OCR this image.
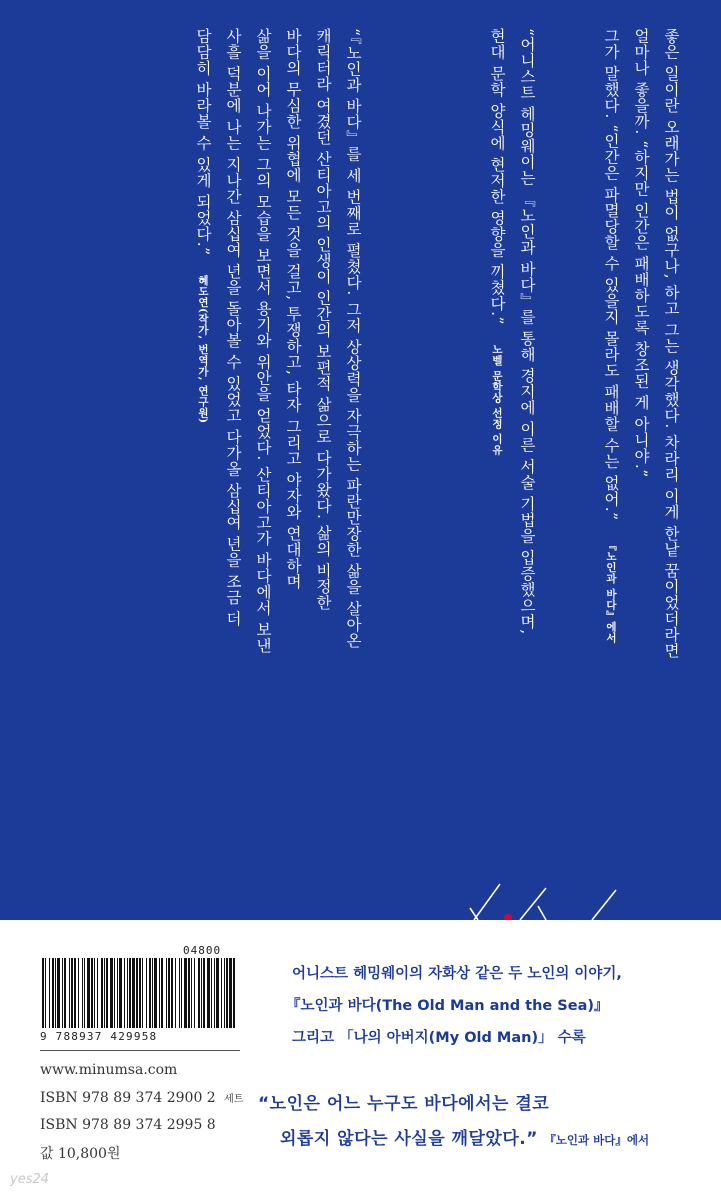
좋은 일이란 오래가는 법이 없구나, 하고 그는 생각했다. 차라리 이게 한낱 꿈이었더라면
얼마나 좋을까. “하지만 인간은 패배하도록 창조된 게 아니야.”
그가 말했다. “인간은 파멸당할 수 있을지 몰라도 패배할 수는 없어.” 『노인과 바다』에서
“어니스트 헤밍웨이는 『노인과 바다』를 통해 경지에 이른 서술 기법을 입증했으며,
현대 문학 양식에 현저한 영향을 끼쳤다.” 노벨 문학상 선정 이유
“『노인과 바다』를 세 번째로 펼쳤다. 그저 상상력을 자극하는 파란만장한 삶을 살아온
캐릭터라 여겼던 산티아고의 인생이 인간의 보편적 삶으로 다가왔다. 삶의 비정한
바다의 무심한 위협에 모든 것을 걸고, 투쟁하고, 타자 그리고 야자와 연대하며
삶을 이어 나가는 그의 모습을 보면서 용기와 위안을 얻었다. 산티아고가 바다에서 보낸
사흘 덕분에 나는 지나간 삼십여 년을 돌아볼 수 있었고 다가올 삼십여 년을 조금 더
담담히 바라볼 수 있게 되었다.” 혜도연(작가, 번역가, 연구원)
04800
9 788937 429958
www.minumsa.com
ISBN 978 89 374 2900 2 세트
ISBN 978 89 374 2995 8
값 10,800원
어니스트 헤밍웨이의 자화상 같은 두 노인의 이야기,
『노인과 바다(The Old Man and the Sea)』
그리고 「나의 아버지(My Old Man)」 수록
“노인은 어느 누구도 바다에서는 결코
외롭지 않다는 사실을 깨달았다.” 『노인과 바다』에서
yes24
